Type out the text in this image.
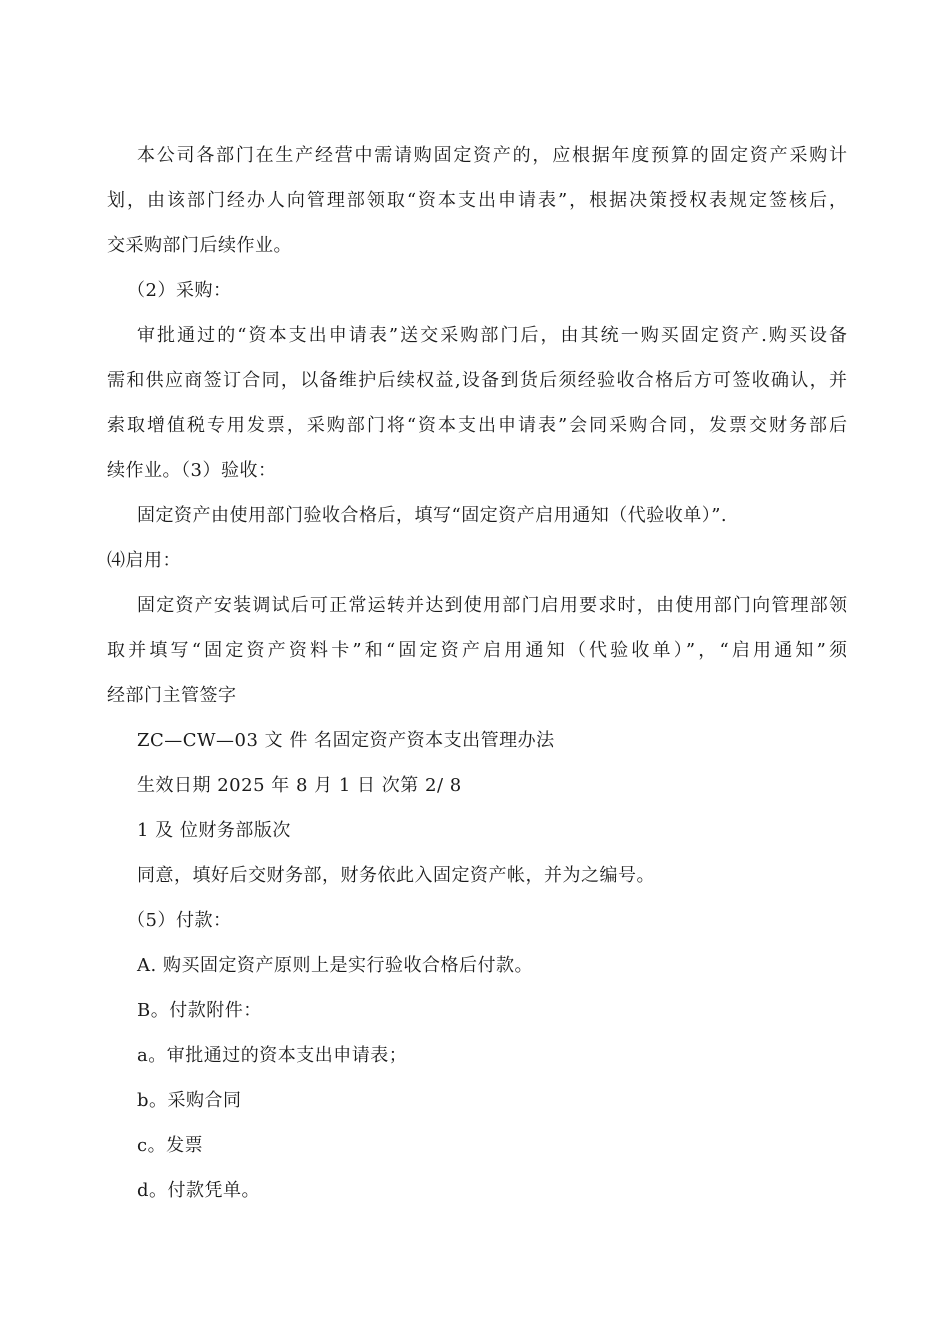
本公司各部门在生产经营中需请购固定资产的，应根据年度预算的固定资产采购计
划，由该部门经办人向管理部领取“资本支出申请表”，根据决策授权表规定签核后，
交采购部门后续作业。
（2）采购：
审批通过的“资本支出申请表”送交采购部门后，由其统一购买固定资产.购买设备
需和供应商签订合同，以备维护后续权益,设备到货后须经验收合格后方可签收确认，并
索取增值税专用发票，采购部门将“资本支出申请表”会同采购合同，发票交财务部后
续作业。（3）验收：
固定资产由使用部门验收合格后，填写“固定资产启用通知（代验收单）”.
⑷启用：
固定资产安装调试后可正常运转并达到使用部门启用要求时，由使用部门向管理部领
取并填写“固定资产资料卡”和“固定资产启用通知（代验收单）”，“启用通知”须
经部门主管签字
ZC—CW—03 文 件 名固定资产资本支出管理办法
生效日期 2025 年 8 月 1 日 次第 2/ 8
1 及 位财务部版次
同意，填好后交财务部，财务依此入固定资产帐，并为之编号。
（5）付款：
A. 购买固定资产原则上是实行验收合格后付款。
B。付款附件：
a。审批通过的资本支出申请表；
b。采购合同
c。发票
d。付款凭单。
